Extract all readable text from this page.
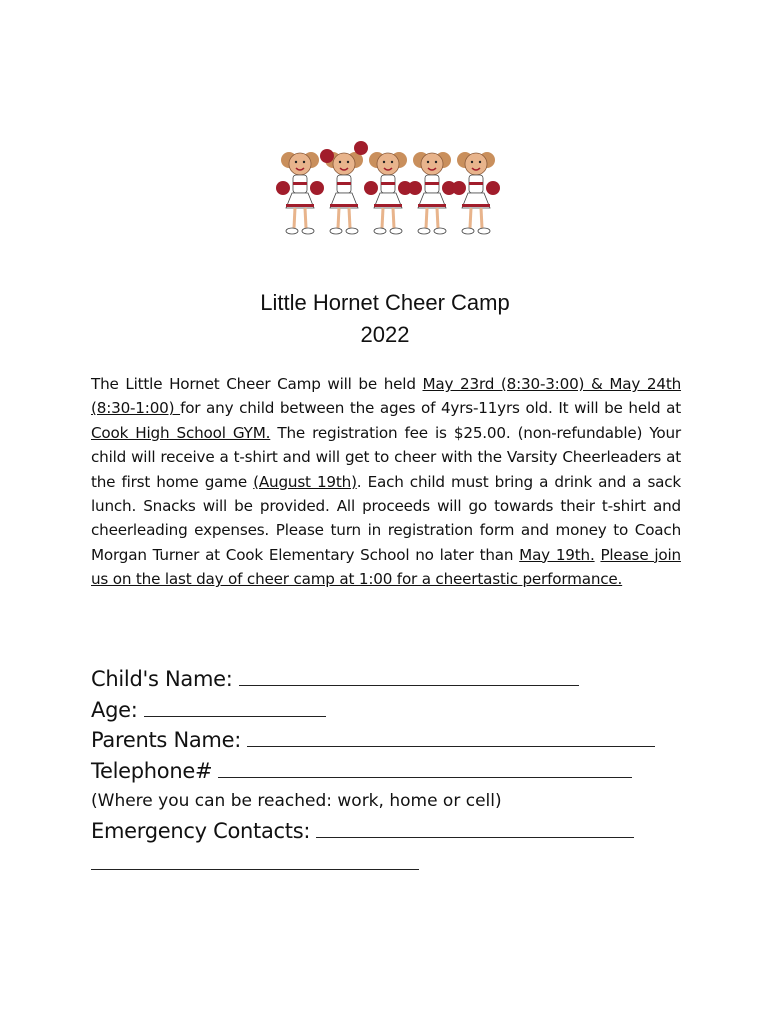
Little Hornet Cheer Camp
2022
The Little Hornet Cheer Camp will be held May 23rd (8:30-3:00) & May 24th (8:30-1:00) for any child between the ages of 4yrs-11yrs old. It will be held at Cook High School GYM. The registration fee is $25.00. (non-refundable) Your child will receive a t-shirt and will get to cheer with the Varsity Cheerleaders at the first home game (August 19th). Each child must bring a drink and a sack lunch. Snacks will be provided. All proceeds will go towards their t-shirt and cheerleading expenses. Please turn in registration form and money to Coach Morgan Turner at Cook Elementary School no later than May 19th. Please join us on the last day of cheer camp at 1:00 for a cheertastic performance.
Child's Name:
Age:
Parents Name:
Telephone#
(Where you can be reached: work, home or cell)
Emergency Contacts:
